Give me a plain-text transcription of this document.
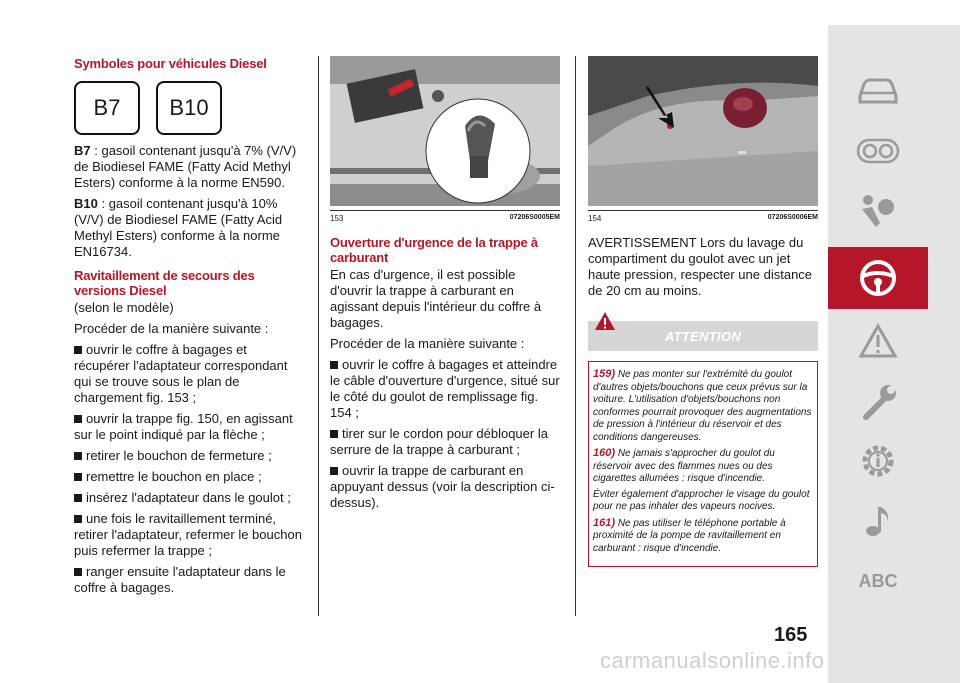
Symboles pour véhicules Diesel
B7	B10

B7 : gasoil contenant jusqu'à 7% (V/V) de Biodiesel FAME (Fatty Acid Methyl Esters) conforme à la norme EN590.

B10 : gasoil contenant jusqu'à 10% (V/V) de Biodiesel FAME (Fatty Acid Methyl Esters) conforme à la norme EN16734.

Ravitaillement de secours des versions Diesel

(selon le modèle)

Procéder de la manière suivante :

ouvrir le coffre à bagages et récupérer l'adaptateur correspondant qui se trouve sous le plan de chargement fig. 153 ;

ouvrir la trappe fig. 150, en agissant sur le point indiqué par la flèche ;

retirer le bouchon de fermeture ;

remettre le bouchon en place ;

insérez l'adaptateur dans le goulot ;

une fois le ravitaillement terminé, retirer l'adaptateur, refermer le bouchon puis refermer la trappe ;

ranger ensuite l'adaptateur dans le coffre à bagages.

153	07206S0005EM
Ouverture d'urgence de la trappe à carburant

En cas d'urgence, il est possible d'ouvrir la trappe à carburant en agissant depuis l'intérieur du coffre à bagages.

Procéder de la manière suivante :

ouvrir le coffre à bagages et atteindre le câble d'ouverture d'urgence, situé sur le côté du goulot de remplissage fig. 154 ;

tirer sur le cordon pour débloquer la serrure de la trappe à carburant ;

ouvrir la trappe de carburant en appuyant dessus (voir la description ci-dessus).

154	07206S0006EM

AVERTISSEMENT Lors du lavage du compartiment du goulot avec un jet haute pression, respecter une distance de 20 cm au moins.

ATTENTION

159) Ne pas monter sur l'extrémité du goulot d'autres objets/bouchons que ceux prévus sur la voiture. L'utilisation d'objets/bouchons non conformes pourrait provoquer des augmentations de pression à l'intérieur du réservoir et des conditions dangereuses.

160) Ne jamais s'approcher du goulot du réservoir avec des flammes nues ou des cigarettes allumées : risque d'incendie.

Éviter également d'approcher le visage du goulot pour ne pas inhaler des vapeurs nocives.

161) Ne pas utiliser le téléphone portable à proximité de la pompe de ravitaillement en carburant : risque d'incendie.

ABC
165
carmanualsonline.info
